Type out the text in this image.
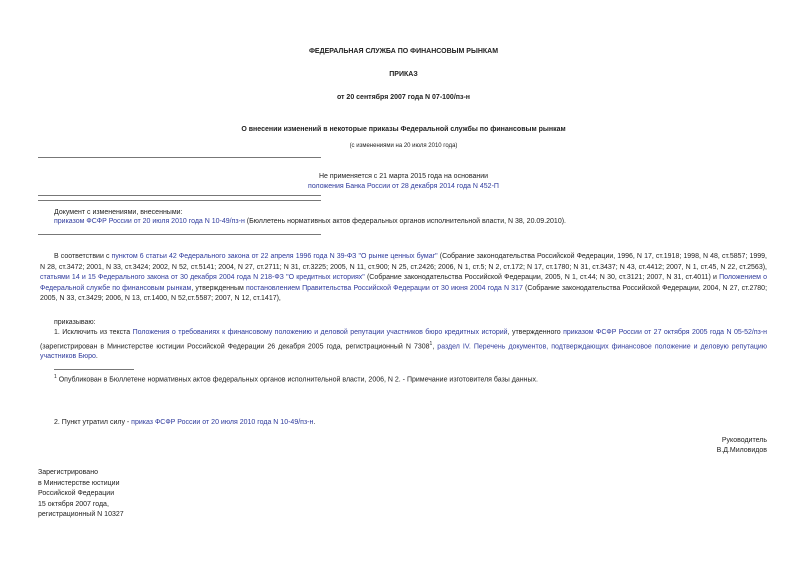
ФЕДЕРАЛЬНАЯ СЛУЖБА ПО ФИНАНСОВЫМ РЫНКАМ
ПРИКАЗ
от 20 сентября 2007 года N 07-100/пз-н
О внесении изменений в некоторые приказы Федеральной службы по финансовым рынкам
(с изменениями на 20 июля 2010 года)
Не применяется с 21 марта 2015 года на основании
положения Банка России от 28 декабря 2014 года N 452-П
Документ с изменениями, внесенными:
приказом ФСФР России от 20 июля 2010 года N 10-49/пз-н (Бюллетень нормативных актов федеральных органов исполнительной власти, N 38, 20.09.2010).
В соответствии с пунктом 6 статьи 42 Федерального закона от 22 апреля 1996 года N 39-ФЗ "О рынке ценных бумаг" (Собрание законодательства Российской Федерации, 1996, N 17, ст.1918; 1998, N 48, ст.5857; 1999, N 28, ст.3472; 2001, N 33, ст.3424; 2002, N 52, ст.5141; 2004, N 27, ст.2711; N 31, ст.3225; 2005, N 11, ст.900; N 25, ст.2426; 2006, N 1, ст.5; N 2, ст.172; N 17, ст.1780; N 31, ст.3437; N 43, ст.4412; 2007, N 1, ст.45, N 22, ст.2563), статьями 14 и 15 Федерального закона от 30 декабря 2004 года N 218-ФЗ "О кредитных историях" (Собрание законодательства Российской Федерации, 2005, N 1, ст.44; N 30, ст.3121; 2007, N 31, ст.4011) и Положением о Федеральной службе по финансовым рынкам, утвержденным постановлением Правительства Российской Федерации от 30 июня 2004 года N 317 (Собрание законодательства Российской Федерации, 2004, N 27, ст.2780; 2005, N 33, ст.3429; 2006, N 13, ст.1400, N 52,ст.5587; 2007, N 12, ст.1417),
приказываю:
1. Исключить из текста Положения о требованиях к финансовому положению и деловой репутации участников бюро кредитных историй, утвержденного приказом ФСФР России от 27 октября 2005 года N 05-52/пз-н (зарегистрирован в Министерстве юстиции Российской Федерации 26 декабря 2005 года, регистрационный N 7308$^1$, раздел IV. Перечень документов, подтверждающих финансовое положение и деловую репутацию участников Бюро.
$^1$ Опубликован в Бюллетене нормативных актов федеральных органов исполнительной власти, 2006, N 2. - Примечание изготовителя базы данных.
2. Пункт утратил силу - приказ ФСФР России от 20 июля 2010 года N 10-49/пз-н.
Руководитель
В.Д.Миловидов
Зарегистрировано
в Министерстве юстиции
Российской Федерации
15 октября 2007 года,
регистрационный N 10327
